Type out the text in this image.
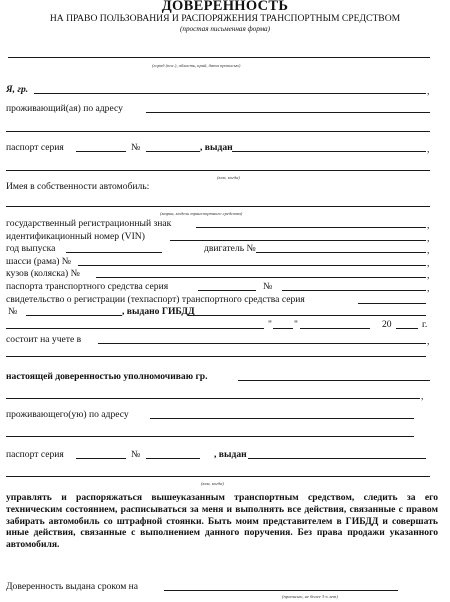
ДОВЕРЕННОСТЬ
НА ПРАВО ПОЛЬЗОВАНИЯ И РАСПОРЯЖЕНИЯ ТРАНСПОРТНЫМ СРЕДСТВОМ
(простая письменная форма)
(город (пос.), область, край, дата прописью)
Я, гр.	,
проживающий(ая) по адресу
паспорт серия	№	, выдан	,
(кем, когда)
Имея в собственности автомобиль:
(марка, модель транспортного средства)
государственный регистрационный знак	,
идентификационный номер (VIN)	,
год выпуска	двигатель №	,
шасси (рама) №	,
кузов (коляска) №	,
паспорта транспортного средства серия	№	,
свидетельство о регистрации (техпаспорт) транспортного средства серия
№	, выдано ГИБДД
" "	20	г.
состоит на учете в	,
настоящей доверенностью уполномочиваю гр.
,
проживающего(ую) по адресу
паспорт серия	№	, выдан
(кем, когда)
управлять и распоряжаться вышеуказанным транспортным средством, следить за его техническим состоянием, расписываться за меня и выполнять все действия, связанные с правом забирать автомобиль со штрафной стоянки. Быть моим представителем в ГИБДД и совершать иные действия, связанные с выполнением данного поручения. Без права продажи указанного автомобиля.
Доверенность выдана сроком на
(прописью, не более 3-х лет)
